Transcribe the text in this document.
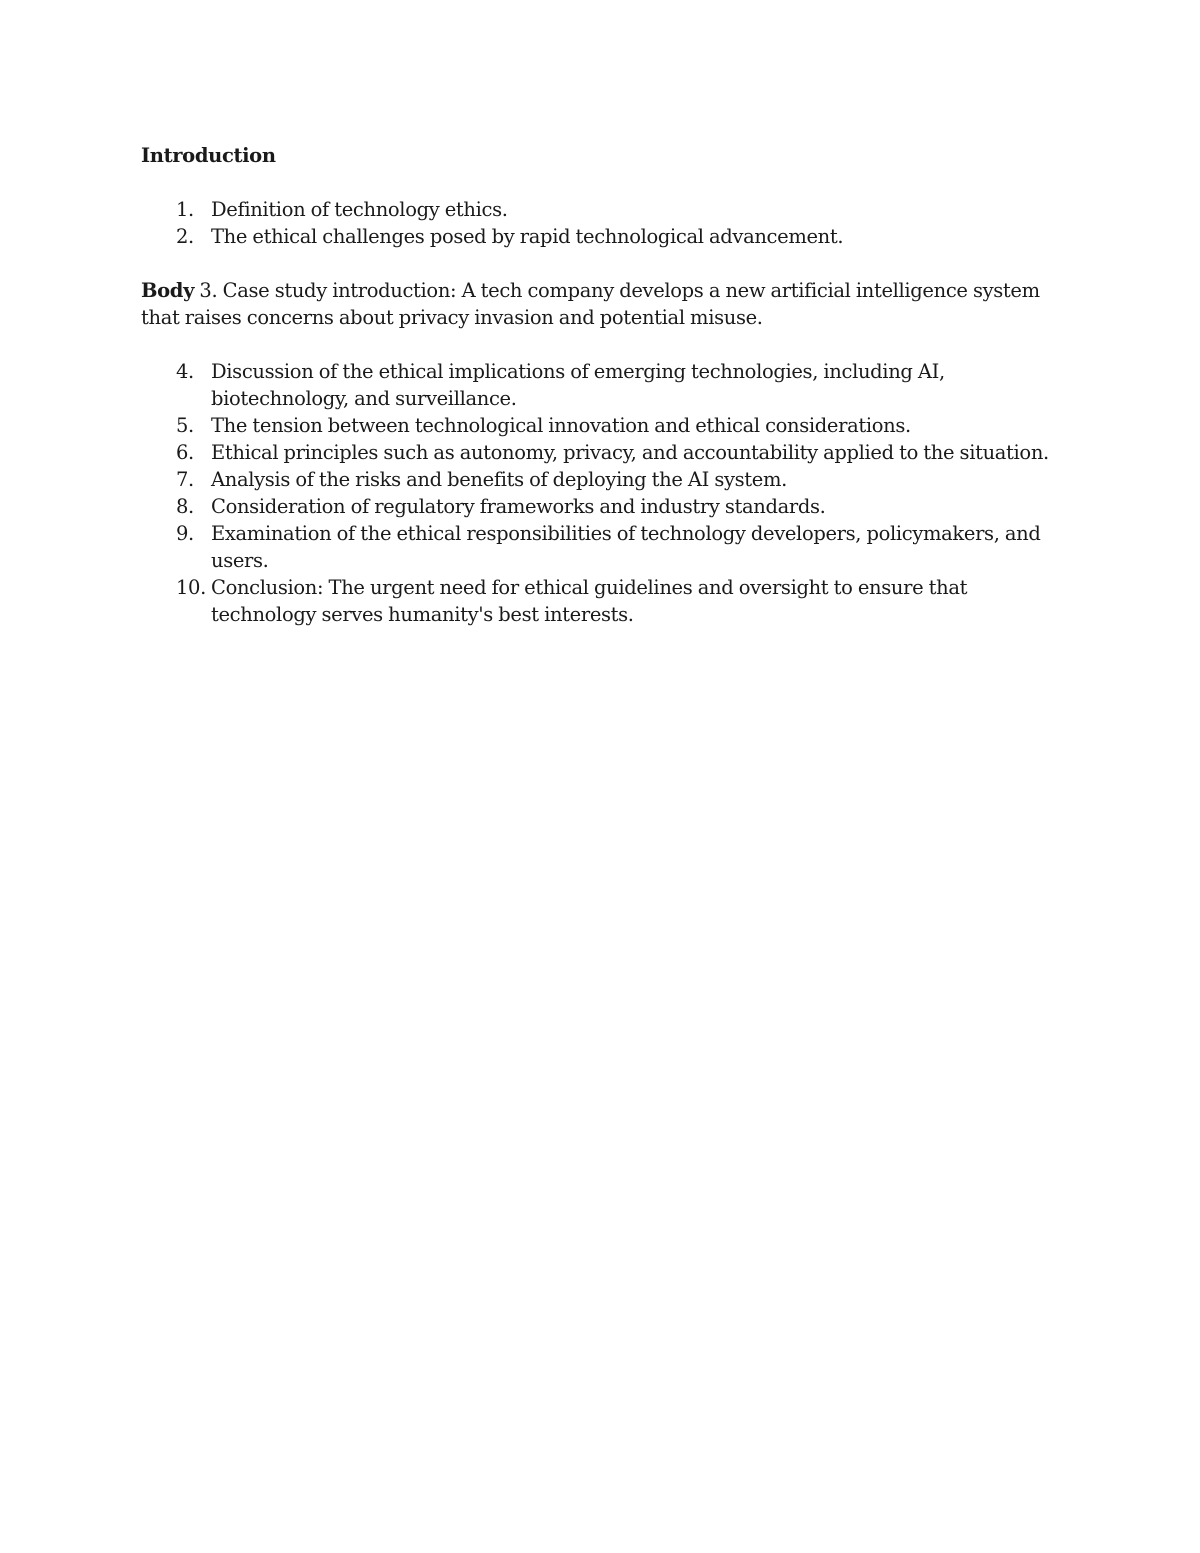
Introduction
1. Definition of technology ethics.
2. The ethical challenges posed by rapid technological advancement.

Body 3. Case study introduction: A tech company develops a new artificial intelligence system that raises concerns about privacy invasion and potential misuse.

4. Discussion of the ethical implications of emerging technologies, including AI, biotechnology, and surveillance.
5. The tension between technological innovation and ethical considerations.
6. Ethical principles such as autonomy, privacy, and accountability applied to the situation.
7. Analysis of the risks and benefits of deploying the AI system.
8. Consideration of regulatory frameworks and industry standards.
9. Examination of the ethical responsibilities of technology developers, policymakers, and users.
10. Conclusion: The urgent need for ethical guidelines and oversight to ensure that technology serves humanity's best interests.
